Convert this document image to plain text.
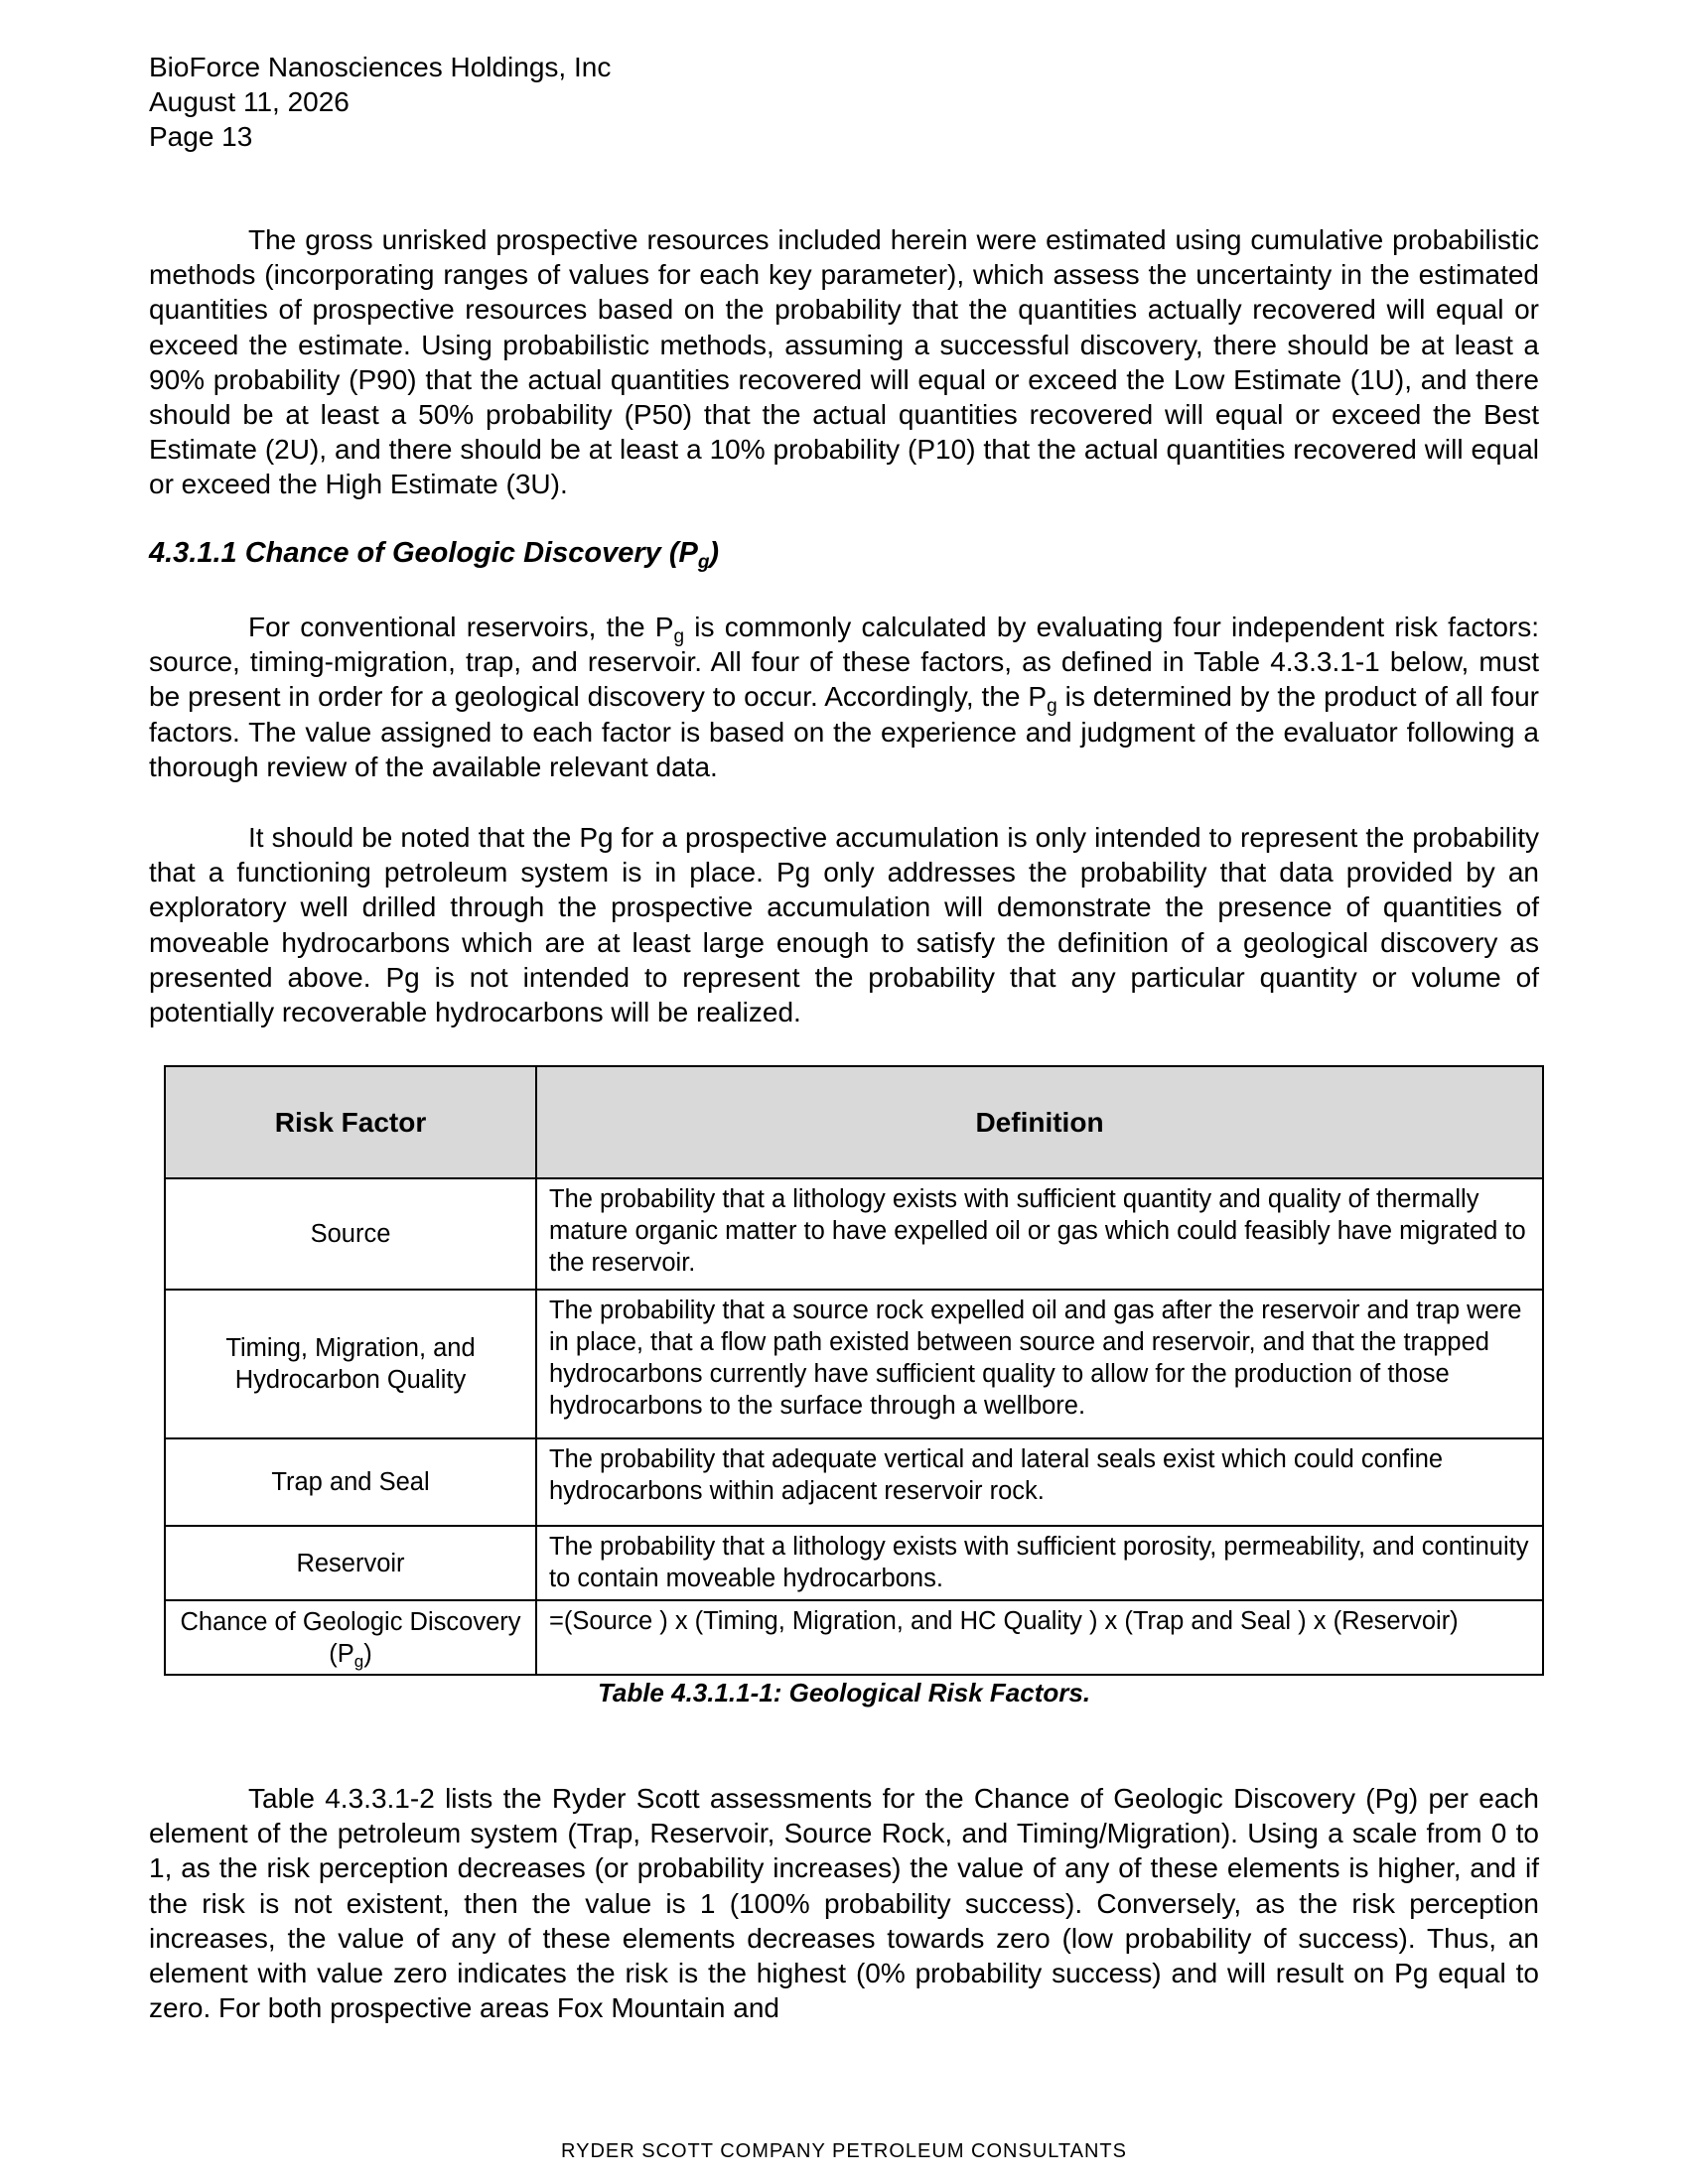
BioForce Nanosciences Holdings, Inc
August 11, 2026
Page 13

The gross unrisked prospective resources included herein were estimated using cumulative probabilistic methods (incorporating ranges of values for each key parameter), which assess the uncertainty in the estimated quantities of prospective resources based on the probability that the quantities actually recovered will equal or exceed the estimate. Using probabilistic methods, assuming a successful discovery, there should be at least a 90% probability (P90) that the actual quantities recovered will equal or exceed the Low Estimate (1U), and there should be at least a 50% probability (P50) that the actual quantities recovered will equal or exceed the Best Estimate (2U), and there should be at least a 10% probability (P10) that the actual quantities recovered will equal or exceed the High Estimate (3U).

4.3.1.1 Chance of Geologic Discovery $(P_g)$

For conventional reservoirs, the $P_g$ is commonly calculated by evaluating four independent risk factors: source, timing-migration, trap, and reservoir. All four of these factors, as defined in Table 4.3.3.1-1 below, must be present in order for a geological discovery to occur. Accordingly, the $P_g$ is determined by the product of all four factors. The value assigned to each factor is based on the experience and judgment of the evaluator following a thorough review of the available relevant data.

It should be noted that the Pg for a prospective accumulation is only intended to represent the probability that a functioning petroleum system is in place. Pg only addresses the probability that data provided by an exploratory well drilled through the prospective accumulation will demonstrate the presence of quantities of moveable hydrocarbons which are at least large enough to satisfy the definition of a geological discovery as presented above. Pg is not intended to represent the probability that any particular quantity or volume of potentially recoverable hydrocarbons will be realized.

Risk Factor	Definition
Source	The probability that a lithology exists with sufficient quantity and quality of thermally mature organic matter to have expelled oil or gas which could feasibly have migrated to the reservoir.
Timing, Migration, and Hydrocarbon Quality	The probability that a source rock expelled oil and gas after the reservoir and trap were in place, that a flow path existed between source and reservoir, and that the trapped hydrocarbons currently have sufficient quality to allow for the production of those hydrocarbons to the surface through a wellbore.
Trap and Seal	The probability that adequate vertical and lateral seals exist which could confine hydrocarbons within adjacent reservoir rock.
Reservoir	The probability that a lithology exists with sufficient porosity, permeability, and continuity to contain moveable hydrocarbons.
Chance of Geologic Discovery (Pg)	=(Source ) x (Timing, Migration, and HC Quality ) x (Trap and Seal ) x (Reservoir)
Table 4.3.1.1-1: Geological Risk Factors.

Table 4.3.3.1-2 lists the Ryder Scott assessments for the Chance of Geologic Discovery (Pg) per each element of the petroleum system (Trap, Reservoir, Source Rock, and Timing/Migration). Using a scale from 0 to 1, as the risk perception decreases (or probability increases) the value of any of these elements is higher, and if the risk is not existent, then the value is 1 (100% probability success). Conversely, as the risk perception increases, the value of any of these elements decreases towards zero (low probability of success). Thus, an element with value zero indicates the risk is the highest (0% probability success) and will result on Pg equal to zero. For both prospective areas Fox Mountain and

RYDER SCOTT COMPANY PETROLEUM CONSULTANTS
